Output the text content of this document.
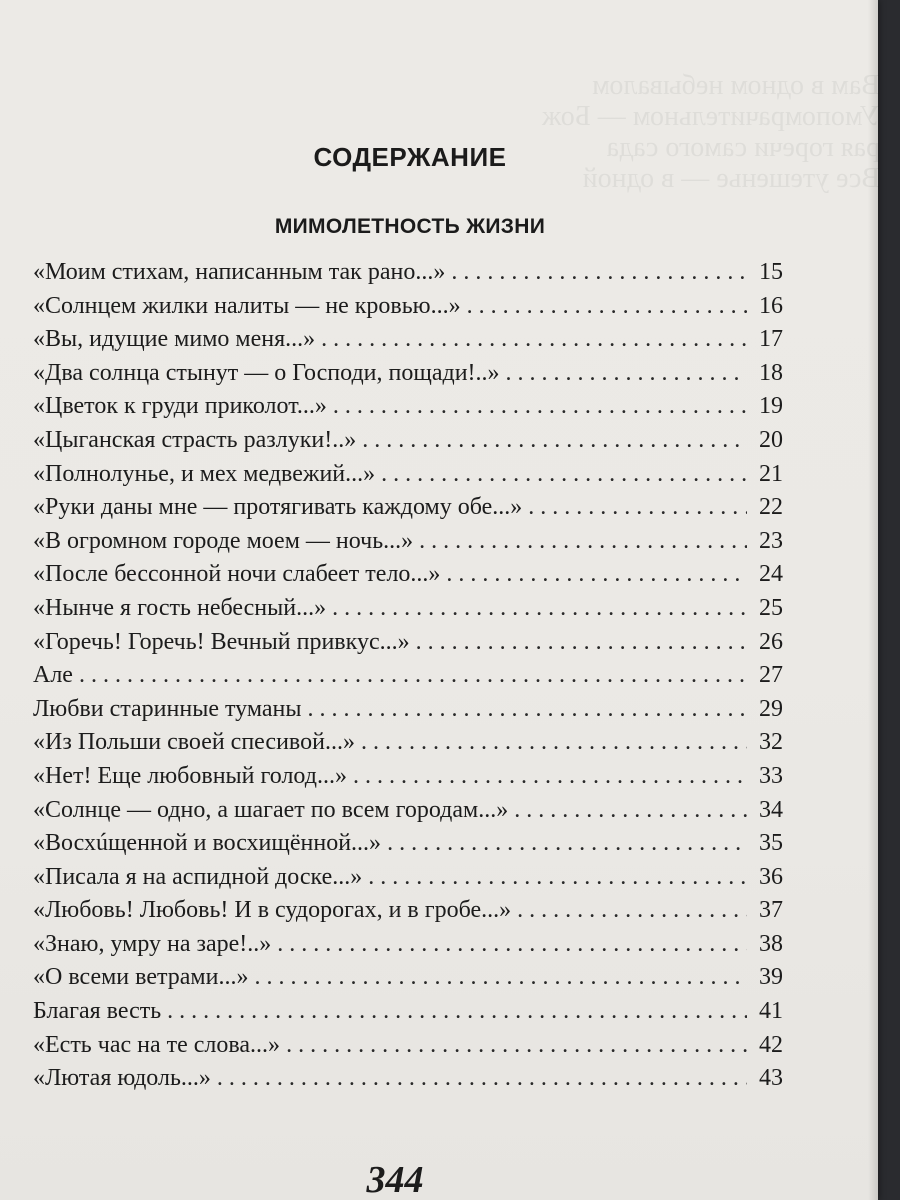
Вам в одном небывалом
Умопомрачительном — Бож
рая горечи самого сада
Все утешенье — в одной
СОДЕРЖАНИЕ
МИМОЛЕТНОСТЬ ЖИЗНИ
«Моим стихам, написанным так рано...» . . .	15
«Солнцем жилки налиты — не кровью...» . . .	16
«Вы, идущие мимо меня...» . . .	17
«Два солнца стынут — о Господи, пощади!..» . . .	18
«Цветок к груди приколот...» . . .	19
«Цыганская страсть разлуки!..» . . .	20
«Полнолунье, и мех медвежий...» . . .	21
«Руки даны мне — протягивать каждому обе...» . . .	22
«В огромном городе моем — ночь...» . . .	23
«После бессонной ночи слабеет тело...» . . .	24
«Нынче я гость небесный...» . . .	25
«Горечь! Горечь! Вечный привкус...» . . .	26
Але . . .	27
Любви старинные туманы . . .	29
«Из Польши своей спесивой...» . . .	32
«Нет! Еще любовный голод...» . . .	33
«Солнце — одно, а шагает по всем городам...» . . .	34
«Восхúщенной и восхищённой...» . . .	35
«Писала я на аспидной доске...» . . .	36
«Любовь! Любовь! И в судорогах, и в гробе...» . . .	37
«Знаю, умру на заре!..» . . .	38
«О всеми ветрами...» . . .	39
Благая весть . . .	41
«Есть час на те слова...» . . .	42
«Лютая юдоль...» . . .	43
344
